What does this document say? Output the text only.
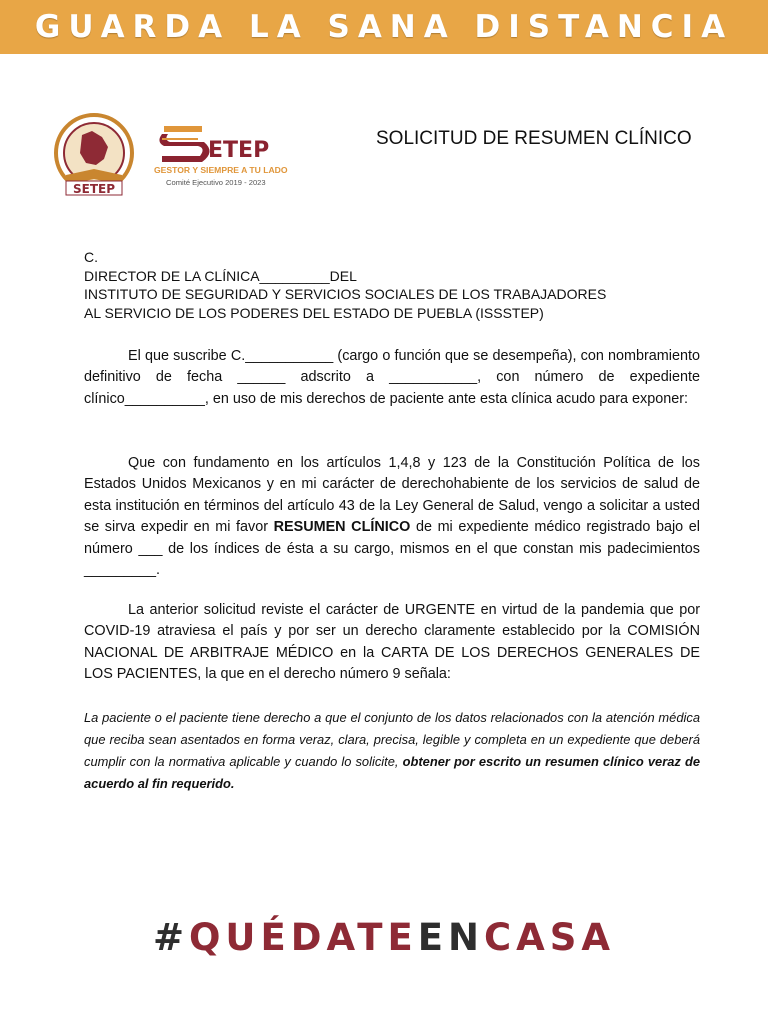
GUARDA LA SANA DISTANCIA
SETEP
ETEP
GESTOR Y SIEMPRE A TU LADO
Comité Ejecutivo 2019 - 2023
SOLICITUD DE RESUMEN CLÍNICO
C.
DIRECTOR DE LA CLÍNICA_________DEL
INSTITUTO DE SEGURIDAD Y SERVICIOS SOCIALES DE LOS TRABAJADORES
AL SERVICIO DE LOS PODERES DEL ESTADO DE PUEBLA (ISSSTEP)

El que suscribe C.___________ (cargo o función que se desempeña), con nombramiento definitivo de fecha ______ adscrito a ___________, con número de expediente clínico__________, en uso de mis derechos de paciente ante esta clínica acudo para exponer:

Que con fundamento en los artículos 1,4,8 y 123 de la Constitución Política de los Estados Unidos Mexicanos y en mi carácter de derechohabiente de los servicios de salud de esta institución en términos del artículo 43 de la Ley General de Salud, vengo a solicitar a usted se sirva expedir en mi favor RESUMEN CLÍNICO de mi expediente médico registrado bajo el número ___ de los índices de ésta a su cargo, mismos en el que constan mis padecimientos _________.

La anterior solicitud reviste el carácter de URGENTE en virtud de la pandemia que por COVID-19 atraviesa el país y por ser un derecho claramente establecido por la COMISIÓN NACIONAL DE ARBITRAJE MÉDICO en la CARTA DE LOS DERECHOS GENERALES DE LOS PACIENTES, la que en el derecho número 9 señala:

La paciente o el paciente tiene derecho a que el conjunto de los datos relacionados con la atención médica que reciba sean asentados en forma veraz, clara, precisa, legible y completa en un expediente que deberá cumplir con la normativa aplicable y cuando lo solicite, obtener por escrito un resumen clínico veraz de acuerdo al fin requerido.

#QUÉDATEENCASA
